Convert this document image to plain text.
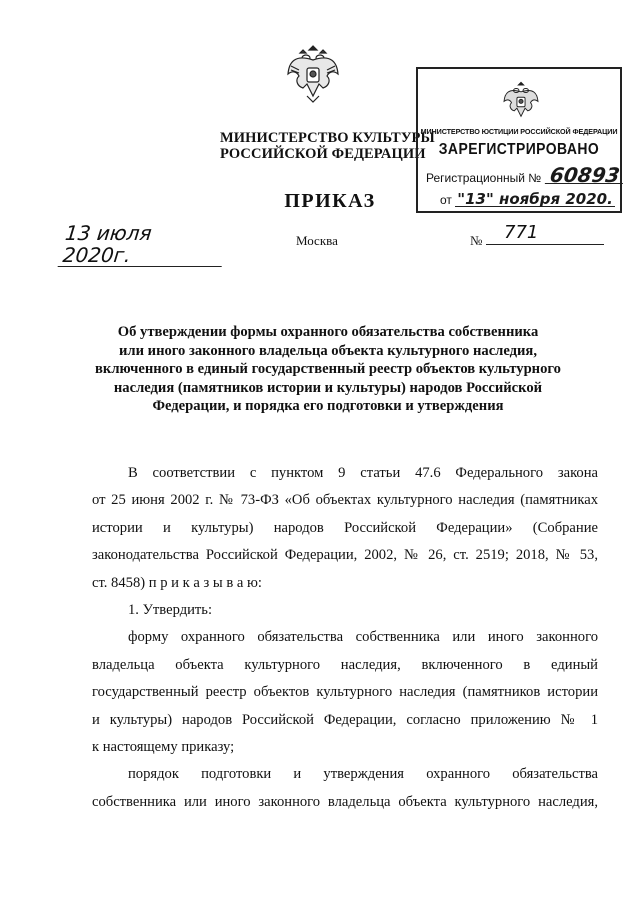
МИНИСТЕРСТВО КУЛЬТУРЫ
РОССИЙСКОЙ ФЕДЕРАЦИИ
МИНИСТЕРСТВО ЮСТИЦИИ РОССИЙСКОЙ ФЕДЕРАЦИИ
ЗАРЕГИСТРИРОВАНО
Регистрационный № 60893
от "13" ноября 2020.
ПРИКАЗ
13 июля 2020г.
Москва	№	771
Об утверждении формы охранного обязательства собственника
или иного законного владельца объекта культурного наследия,
включенного в единый государственный реестр объектов культурного
наследия (памятников истории и культуры) народов Российской
Федерации, и порядка его подготовки и утверждения
В соответствии с пунктом 9 статьи 47.6 Федерального закона
от 25 июня 2002 г. № 73-ФЗ «Об объектах культурного наследия (памятниках
истории и культуры) народов Российской Федерации» (Собрание
законодательства Российской Федерации, 2002, № 26, ст. 2519; 2018, № 53,
ст. 8458) п р и к а з ы в а ю:
1. Утвердить:
форму охранного обязательства собственника или иного законного
владельца объекта культурного наследия, включенного в единый
государственный реестр объектов культурного наследия (памятников истории
и культуры) народов Российской Федерации, согласно приложению № 1
к настоящему приказу;
порядок подготовки и утверждения охранного обязательства
собственника или иного законного владельца объекта культурного наследия,
